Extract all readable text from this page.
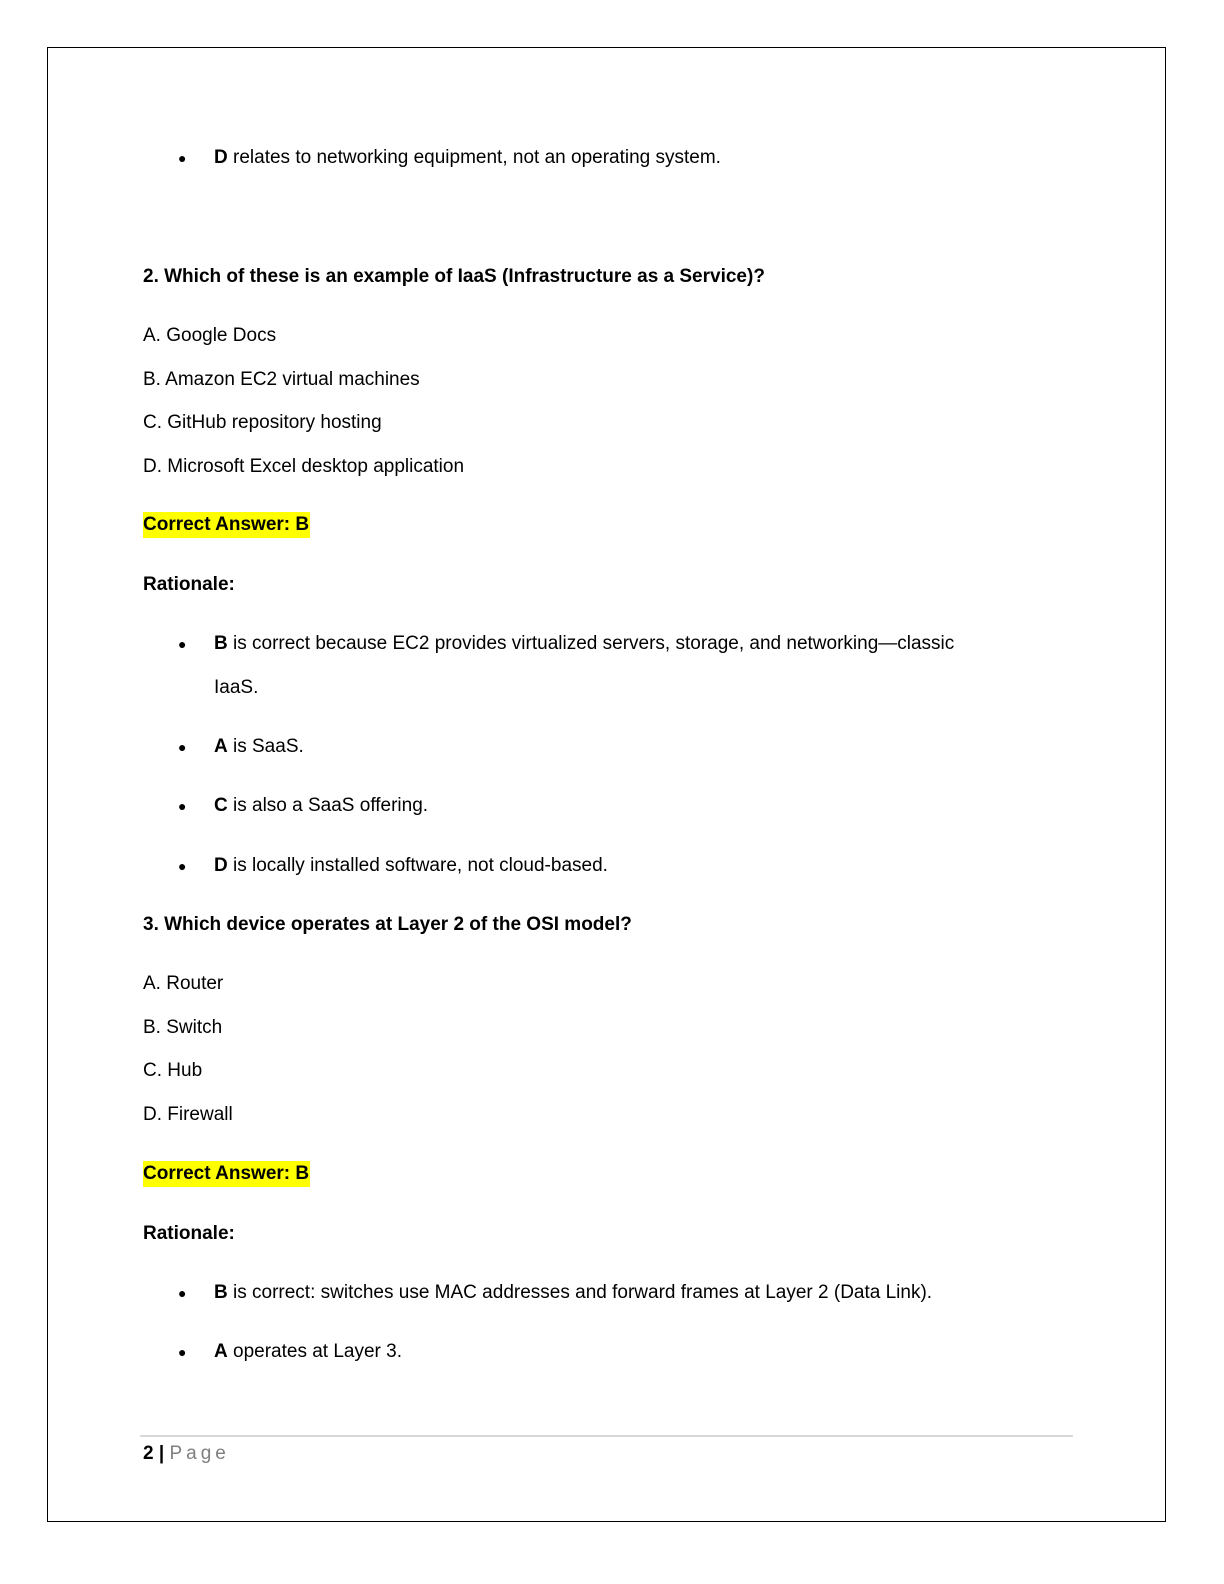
● D relates to networking equipment, not an operating system.
2. Which of these is an example of IaaS (Infrastructure as a Service)?
A. Google Docs
B. Amazon EC2 virtual machines
C. GitHub repository hosting
D. Microsoft Excel desktop application
Correct Answer: B
Rationale:
● B is correct because EC2 provides virtualized servers, storage, and networking—classic
IaaS.
● A is SaaS.
● C is also a SaaS offering.
● D is locally installed software, not cloud-based.
3. Which device operates at Layer 2 of the OSI model?
A. Router
B. Switch
C. Hub
D. Firewall
Correct Answer: B
Rationale:
● B is correct: switches use MAC addresses and forward frames at Layer 2 (Data Link).
● A operates at Layer 3.
2 | Page
